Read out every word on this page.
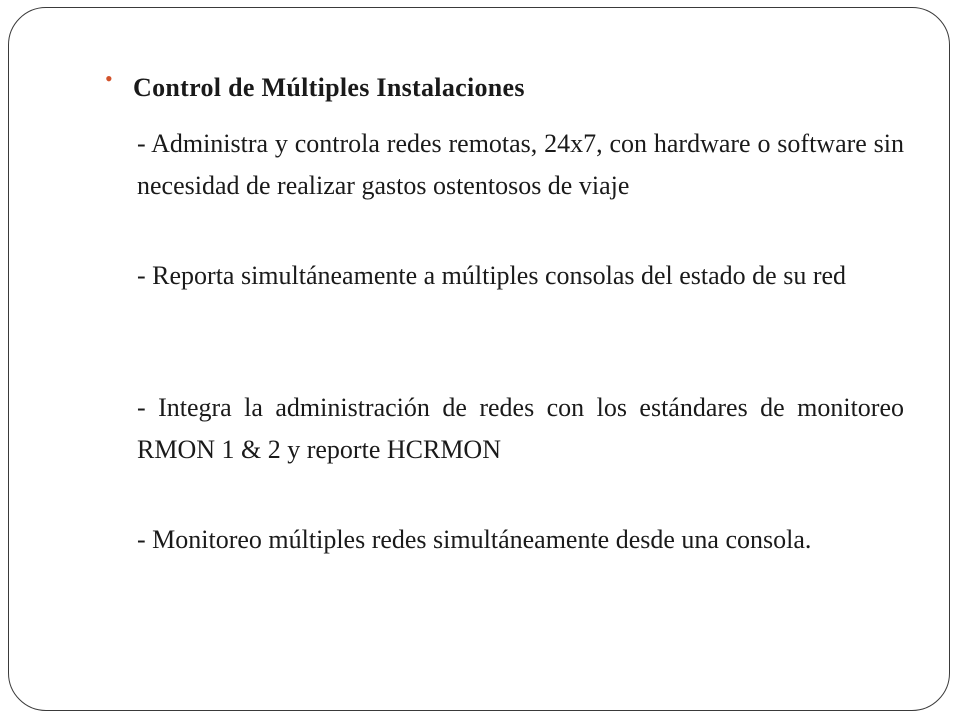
• Control de Múltiples Instalaciones
- Administra y controla redes remotas, 24x7, con hardware o software sin necesidad de realizar gastos ostentosos de viaje
- Reporta simultáneamente a múltiples consolas del estado de su red
- Integra la administración de redes con los estándares de monitoreo RMON 1 & 2 y reporte HCRMON
- Monitoreo múltiples redes simultáneamente desde una consola.
